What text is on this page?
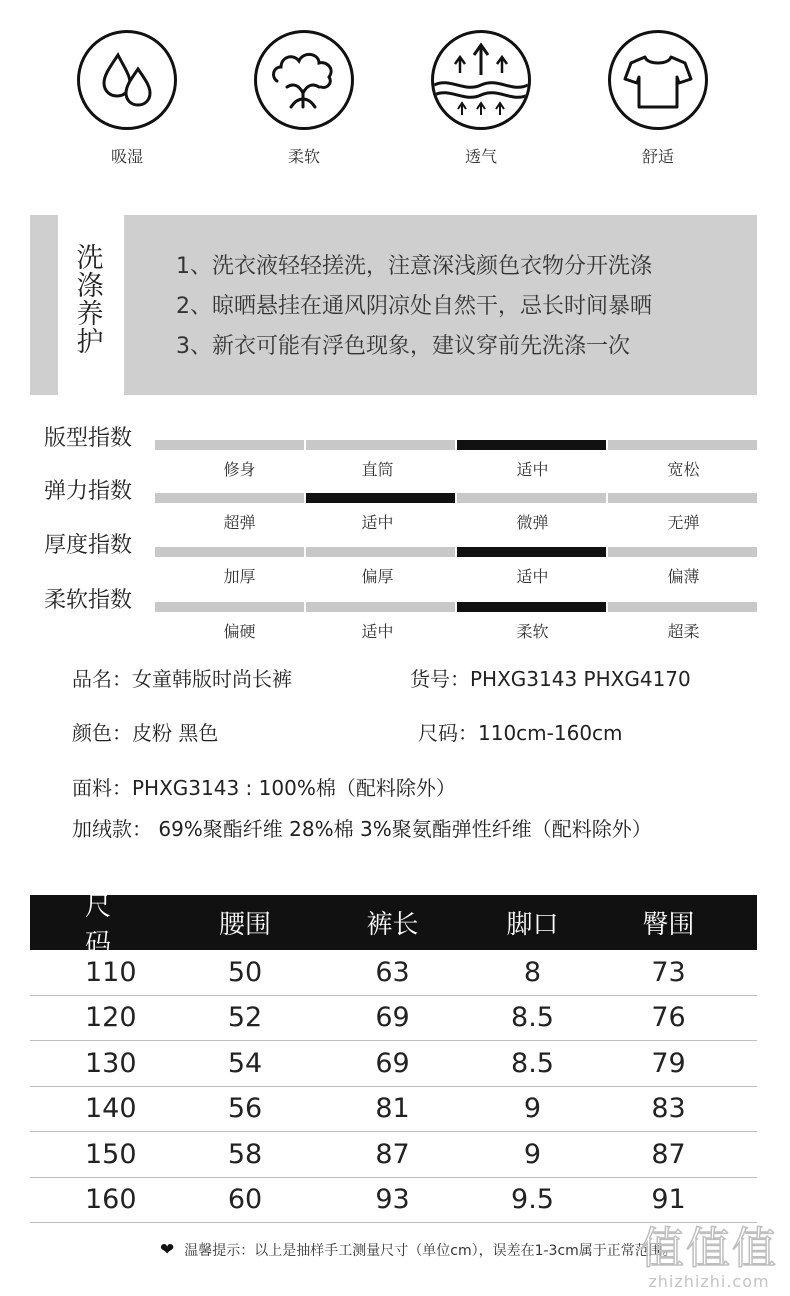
吸湿	柔软	透气	舒适
洗
涤
养
护
1、洗衣液轻轻搓洗，注意深浅颜色衣物分开洗涤
2、晾晒悬挂在通风阴凉处自然干，忌长时间暴晒
3、新衣可能有浮色现象，建议穿前先洗涤一次
版型指数
修身	直筒	适中	宽松
弹力指数
超弹	适中	微弹	无弹
厚度指数
加厚	偏厚	适中	偏薄
柔软指数
偏硬	适中	柔软	超柔
品名：女童韩版时尚长裤	货号：PHXG3143 PHXG4170
颜色：皮粉 黑色	尺码：110cm-160cm
面料：PHXG3143 : 100%棉（配料除外）
加绒款： 69%聚酯纤维 28%棉 3%聚氨酯弹性纤维（配料除外）
尺码
腰围	裤长	脚口	臀围
110	50	63	8	73
120	52	69	8.5	76
130	54	69	8.5	79
140	56	81	9	83
150	58	87	9	87
160	60	93	9.5	91
❤ 温馨提示：以上是抽样手工测量尺寸（单位cm），误差在1-3cm属于正常范围。
值值值
zhizhizhi.com
